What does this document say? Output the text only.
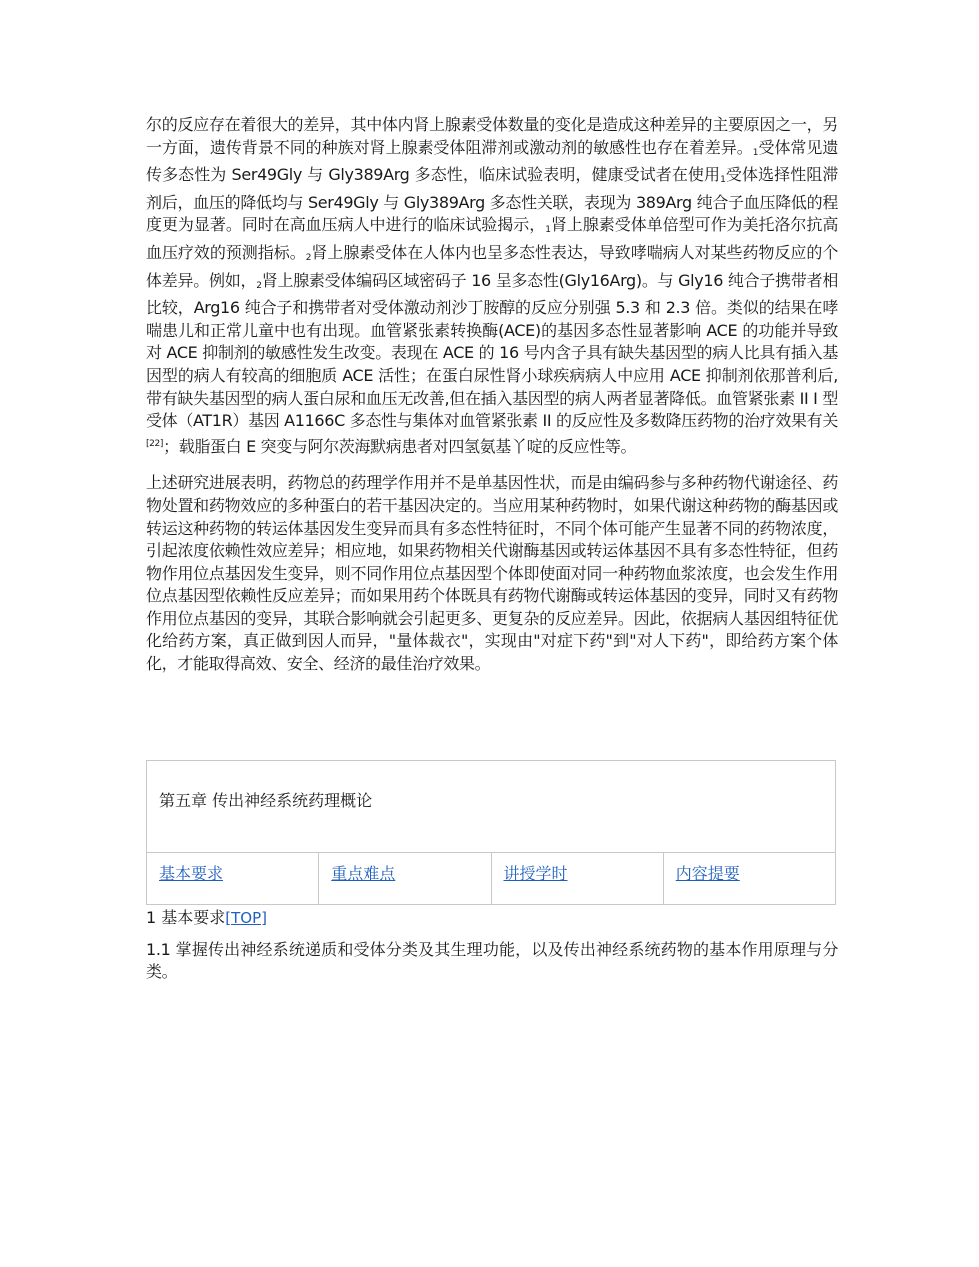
尔的反应存在着很大的差异，其中体内肾上腺素受体数量的变化是造成这种差异的主要原因之一，另一方面，遗传背景不同的种族对肾上腺素受体阻滞剂或激动剂的敏感性也存在着差异。$_1$受体常见遗传多态性为 Ser49Gly 与 Gly389Arg 多态性，临床试验表明，健康受试者在使用$_1$受体选择性阻滞剂后，血压的降低均与 Ser49Gly 与 Gly389Arg 多态性关联，表现为 389Arg 纯合子血压降低的程度更为显著。同时在高血压病人中进行的临床试验揭示，$_1$肾上腺素受体单倍型可作为美托洛尔抗高血压疗效的预测指标。$_2$肾上腺素受体在人体内也呈多态性表达，导致哮喘病人对某些药物反应的个体差异。例如，$_2$肾上腺素受体编码区域密码子 16 呈多态性(Gly16Arg)。与 Gly16 纯合子携带者相比较，Arg16 纯合子和携带者对受体激动剂沙丁胺醇的反应分别强 5.3 和 2.3 倍。类似的结果在哮喘患儿和正常儿童中也有出现。血管紧张素转换酶(ACE)的基因多态性显著影响 ACE 的功能并导致对 ACE 抑制剂的敏感性发生改变。表现在 ACE 的 16 号内含子具有缺失基因型的病人比具有插入基因型的病人有较高的细胞质 ACE 活性；在蛋白尿性肾小球疾病病人中应用 ACE 抑制剂依那普利后,带有缺失基因型的病人蛋白尿和血压无改善,但在插入基因型的病人两者显著降低。血管紧张素 II I 型受体（AT1R）基因 A1166C 多态性与集体对血管紧张素 II 的反应性及多数降压药物的治疗效果有关[22]；载脂蛋白 E 突变与阿尔茨海默病患者对四氢氨基丫啶的反应性等。

上述研究进展表明，药物总的药理学作用并不是单基因性状，而是由编码参与多种药物代谢途径、药物处置和药物效应的多种蛋白的若干基因决定的。当应用某种药物时，如果代谢这种药物的酶基因或转运这种药物的转运体基因发生变异而具有多态性特征时，不同个体可能产生显著不同的药物浓度，引起浓度依赖性效应差异；相应地，如果药物相关代谢酶基因或转运体基因不具有多态性特征，但药物作用位点基因发生变异，则不同作用位点基因型个体即使面对同一种药物血浆浓度，也会发生作用位点基因型依赖性反应差异；而如果用药个体既具有药物代谢酶或转运体基因的变异，同时又有药物作用位点基因的变异，其联合影响就会引起更多、更复杂的反应差异。因此，依据病人基因组特征优化给药方案，真正做到因人而异，"量体裁衣"，实现由"对症下药"到"对人下药"，即给药方案个体化，才能取得高效、安全、经济的最佳治疗效果。

第五章 传出神经系统药理概论
基本要求	重点难点	讲授学时	内容提要
1 基本要求[TOP]

1.1 掌握传出神经系统递质和受体分类及其生理功能，以及传出神经系统药物的基本作用原理与分类。
